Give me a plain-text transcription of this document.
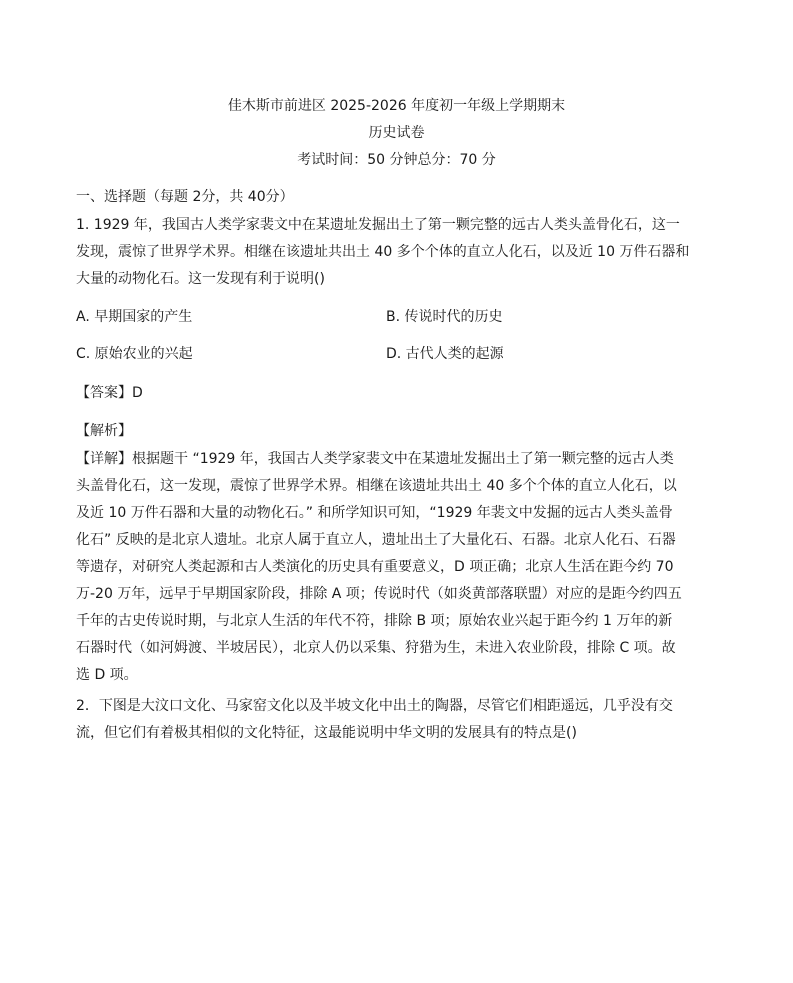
佳木斯市前进区 2025-2026 年度初一年级上学期期末
历史试卷
考试时间：50 分钟总分：70 分
一、选择题（每题 2分，共 40分）
1. 1929 年，我国古人类学家裴文中在某遗址发掘出土了第一颗完整的远古人类头盖骨化石，这一
发现，震惊了世界学术界。相继在该遗址共出土 40 多个个体的直立人化石，以及近 10 万件石器和
大量的动物化石。这一发现有利于说明()
A. 早期国家的产生	B. 传说时代的历史
C. 原始农业的兴起	D. 古代人类的起源
【答案】D
【解析】
【详解】根据题干 “1929 年，我国古人类学家裴文中在某遗址发掘出土了第一颗完整的远古人类
头盖骨化石，这一发现，震惊了世界学术界。相继在该遗址共出土 40 多个个体的直立人化石，以
及近 10 万件石器和大量的动物化石。” 和所学知识可知，“1929 年裴文中发掘的远古人类头盖骨
化石” 反映的是北京人遗址。北京人属于直立人，遗址出土了大量化石、石器。北京人化石、石器
等遗存，对研究人类起源和古人类演化的历史具有重要意义，D 项正确；北京人生活在距今约 70
万-20 万年，远早于早期国家阶段，排除 A 项；传说时代（如炎黄部落联盟）对应的是距今约四五
千年的古史传说时期，与北京人生活的年代不符，排除 B 项；原始农业兴起于距今约 1 万年的新
石器时代（如河姆渡、半坡居民），北京人仍以采集、狩猎为生，未进入农业阶段，排除 C 项。故
选 D 项。
2．下图是大汶口文化、马家窑文化以及半坡文化中出土的陶器，尽管它们相距遥远，几乎没有交
流，但它们有着极其相似的文化特征，这最能说明中华文明的发展具有的特点是()
